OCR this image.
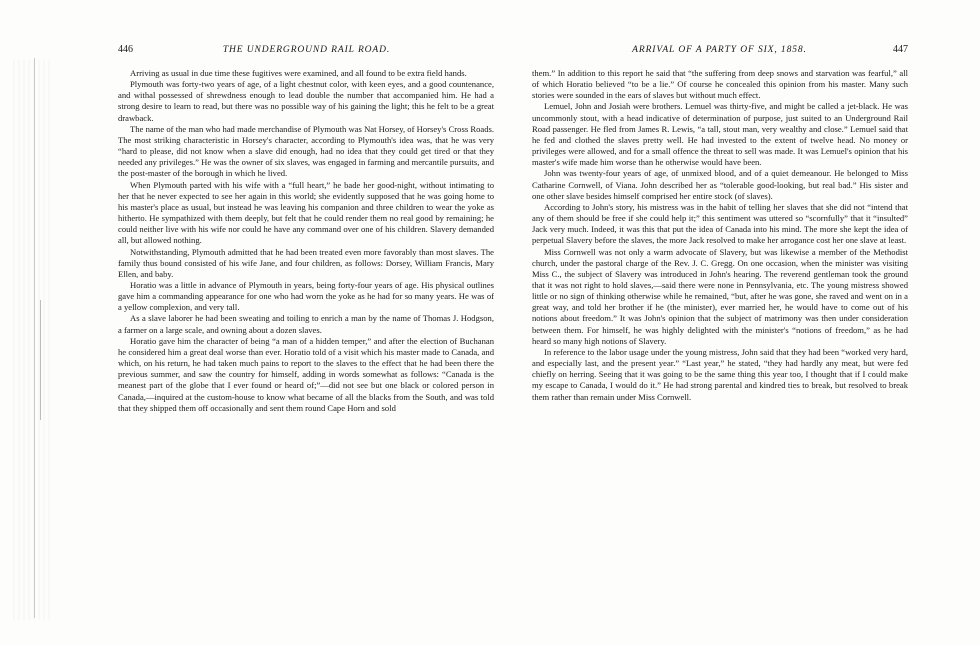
446	THE UNDERGROUND RAIL ROAD.

Arriving as usual in due time these fugitives were examined, and all found to be extra field hands.

Plymouth was forty-two years of age, of a light chestnut color, with keen eyes, and a good countenance, and withal possessed of shrewdness enough to lead double the number that accompanied him. He had a strong desire to learn to read, but there was no possible way of his gaining the light; this he felt to be a great drawback.

The name of the man who had made merchandise of Plymouth was Nat Horsey, of Horsey's Cross Roads. The most striking characteristic in Horsey's character, according to Plymouth's idea was, that he was very “hard to please, did not know when a slave did enough, had no idea that they could get tired or that they needed any privileges.” He was the owner of six slaves, was engaged in farming and mercantile pursuits, and the post-master of the borough in which he lived.

When Plymouth parted with his wife with a “full heart,” he bade her good-night, without intimating to her that he never expected to see her again in this world; she evidently supposed that he was going home to his master's place as usual, but instead he was leaving his companion and three children to wear the yoke as hitherto. He sympathized with them deeply, but felt that he could render them no real good by remaining; he could neither live with his wife nor could he have any command over one of his children. Slavery demanded all, but allowed nothing.

Notwithstanding, Plymouth admitted that he had been treated even more favorably than most slaves. The family thus bound consisted of his wife Jane, and four children, as follows: Dorsey, William Francis, Mary Ellen, and baby.

Horatio was a little in advance of Plymouth in years, being forty-four years of age. His physical outlines gave him a commanding appearance for one who had worn the yoke as he had for so many years. He was of a yellow complexion, and very tall.

As a slave laborer he had been sweating and toiling to enrich a man by the name of Thomas J. Hodgson, a farmer on a large scale, and owning about a dozen slaves.

Horatio gave him the character of being “a man of a hidden temper,” and after the election of Buchanan he considered him a great deal worse than ever. Horatio told of a visit which his master made to Canada, and which, on his return, he had taken much pains to report to the slaves to the effect that he had been there the previous summer, and saw the country for himself, adding in words somewhat as follows: “Canada is the meanest part of the globe that I ever found or heard of;”—did not see but one black or colored person in Canada,—inquired at the custom-house to know what became of all the blacks from the South, and was told that they shipped them off occasionally and sent them round Cape Horn and sold

ARRIVAL OF A PARTY OF SIX, 1858.	447

them.” In addition to this report he said that “the suffering from deep snows and starvation was fearful,” all of which Horatio believed “to be a lie.” Of course he concealed this opinion from his master. Many such stories were sounded in the ears of slaves but without much effect.

Lemuel, John and Josiah were brothers. Lemuel was thirty-five, and might be called a jet-black. He was uncommonly stout, with a head indicative of determination of purpose, just suited to an Underground Rail Road passenger. He fled from James R. Lewis, “a tall, stout man, very wealthy and close.” Lemuel said that he fed and clothed the slaves pretty well. He had invested to the extent of twelve head. No money or privileges were allowed, and for a small offence the threat to sell was made. It was Lemuel's opinion that his master's wife made him worse than he otherwise would have been.

John was twenty-four years of age, of unmixed blood, and of a quiet demeanour. He belonged to Miss Catharine Cornwell, of Viana. John described her as “tolerable good-looking, but real bad.” His sister and one other slave besides himself comprised her entire stock (of slaves).

According to John's story, his mistress was in the habit of telling her slaves that she did not “intend that any of them should be free if she could help it;” this sentiment was uttered so “scornfully” that it “insulted” Jack very much. Indeed, it was this that put the idea of Canada into his mind. The more she kept the idea of perpetual Slavery before the slaves, the more Jack resolved to make her arrogance cost her one slave at least.

Miss Cornwell was not only a warm advocate of Slavery, but was likewise a member of the Methodist church, under the pastoral charge of the Rev. J. C. Gregg. On one occasion, when the minister was visiting Miss C., the subject of Slavery was introduced in John's hearing. The reverend gentleman took the ground that it was not right to hold slaves,—said there were none in Pennsylvania, etc. The young mistress showed little or no sign of thinking otherwise while he remained, “but, after he was gone, she raved and went on in a great way, and told her brother if he (the minister), ever married her, he would have to come out of his notions about freedom.” It was John's opinion that the subject of matrimony was then under consideration between them. For himself, he was highly delighted with the minister's “notions of freedom,” as he had heard so many high notions of Slavery.

In reference to the labor usage under the young mistress, John said that they had been “worked very hard, and especially last, and the present year.” “Last year,” he stated, “they had hardly any meat, but were fed chiefly on herring. Seeing that it was going to be the same thing this year too, I thought that if I could make my escape to Canada, I would do it.” He had strong parental and kindred ties to break, but resolved to break them rather than remain under Miss Cornwell.
